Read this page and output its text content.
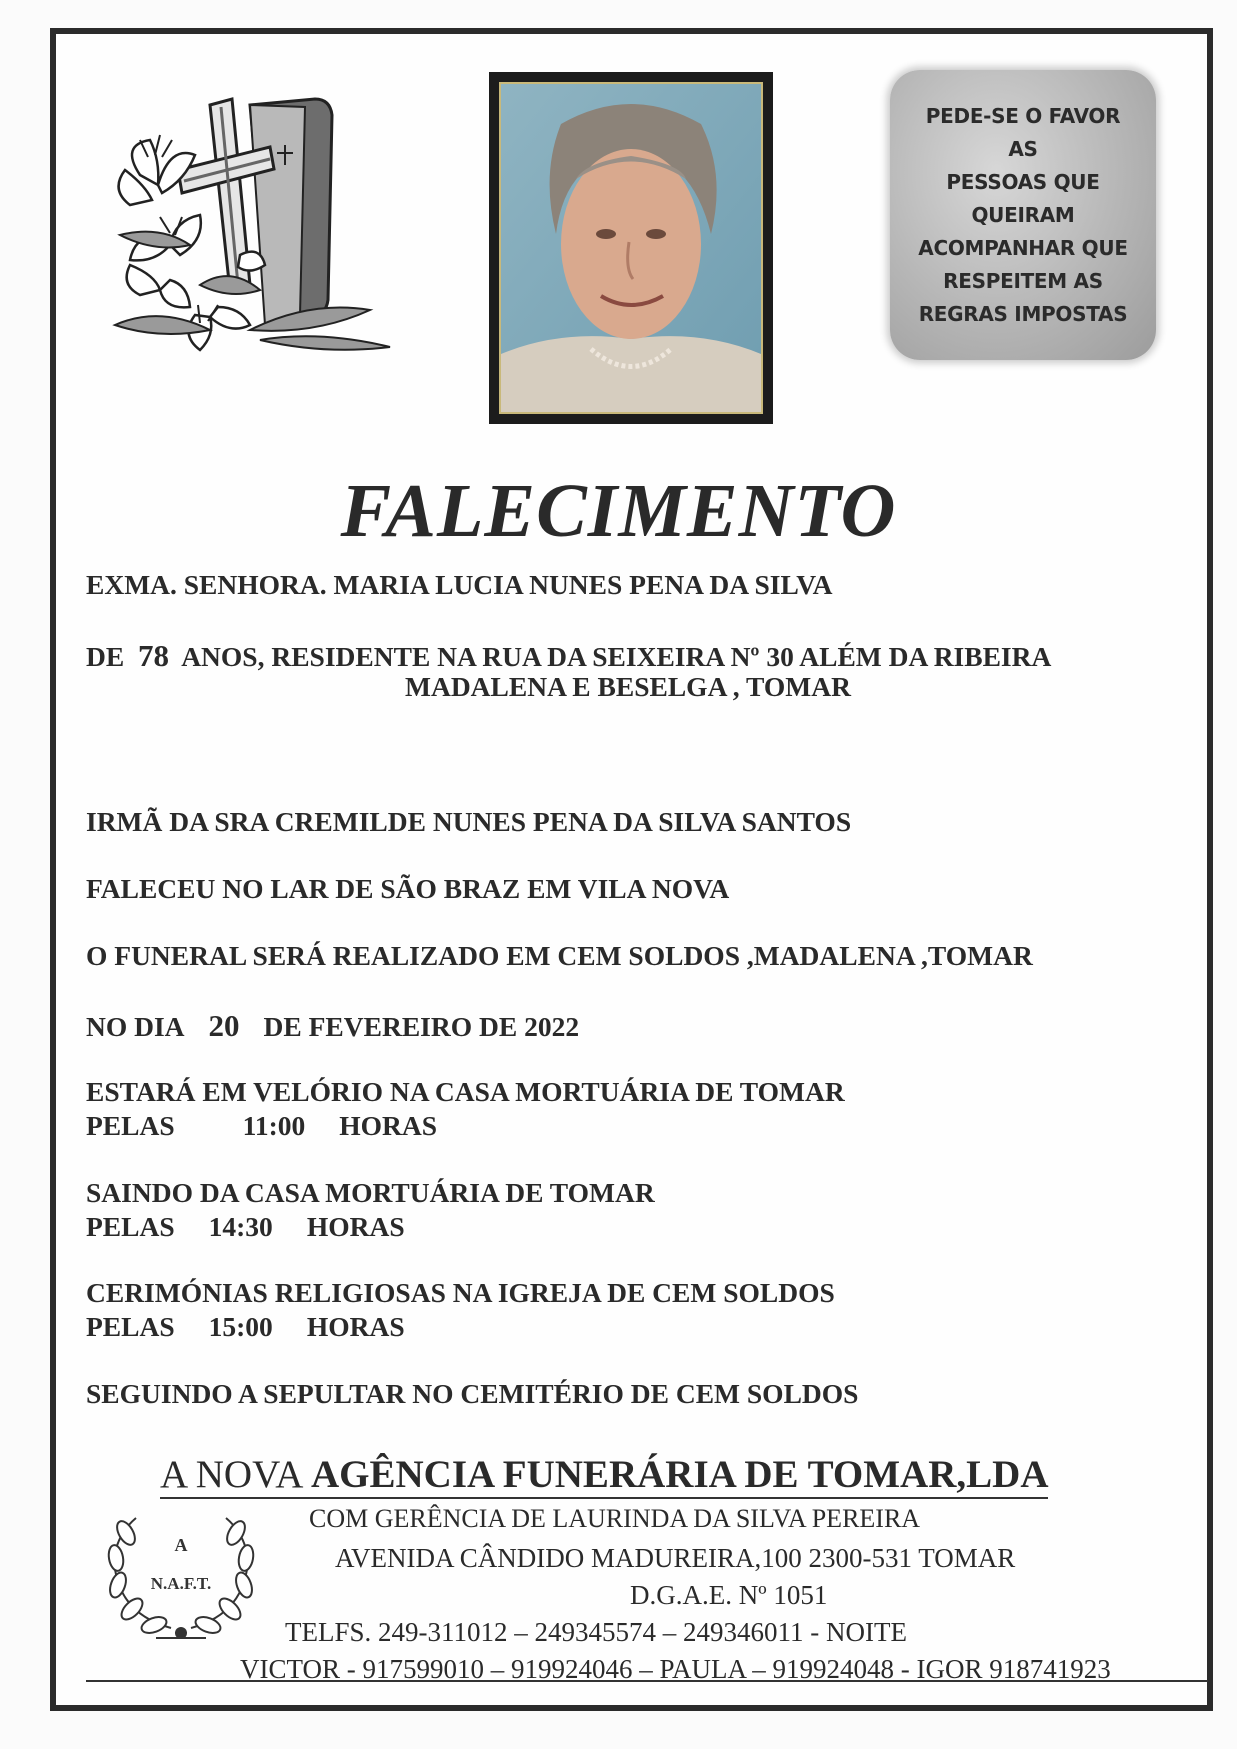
PEDE-SE O FAVOR AS
PESSOAS QUE
QUEIRAM
ACOMPANHAR QUE
RESPEITEM AS
REGRAS IMPOSTAS
FALECIMENTO
EXMA. SENHORA. MARIA LUCIA NUNES PENA DA SILVA
DE 78 ANOS, RESIDENTE NA RUA DA SEIXEIRA Nº 30 ALÉM DA RIBEIRA
MADALENA E BESELGA , TOMAR
IRMÃ DA SRA CREMILDE NUNES PENA DA SILVA SANTOS
FALECEU NO LAR DE SÃO BRAZ EM VILA NOVA
O FUNERAL SERÁ REALIZADO EM CEM SOLDOS ,MADALENA ,TOMAR
NO DIA 20 DE FEVEREIRO DE 2022
ESTARÁ EM VELÓRIO NA CASA MORTUÁRIA DE TOMAR
PELAS 11:00 HORAS
SAINDO DA CASA MORTUÁRIA DE TOMAR
PELAS 14:30 HORAS
CERIMÓNIAS RELIGIOSAS NA IGREJA DE CEM SOLDOS
PELAS 15:00 HORAS
SEGUINDO A SEPULTAR NO CEMITÉRIO DE CEM SOLDOS
A NOVA AGÊNCIA FUNERÁRIA DE TOMAR,LDA
A
N.A.F.T.
COM GERÊNCIA DE LAURINDA DA SILVA PEREIRA
AVENIDA CÂNDIDO MADUREIRA,100 2300-531 TOMAR
D.G.A.E. Nº 1051
TELFS. 249-311012 – 249345574 – 249346011 - NOITE
VICTOR - 917599010 – 919924046 – PAULA – 919924048 - IGOR 918741923
